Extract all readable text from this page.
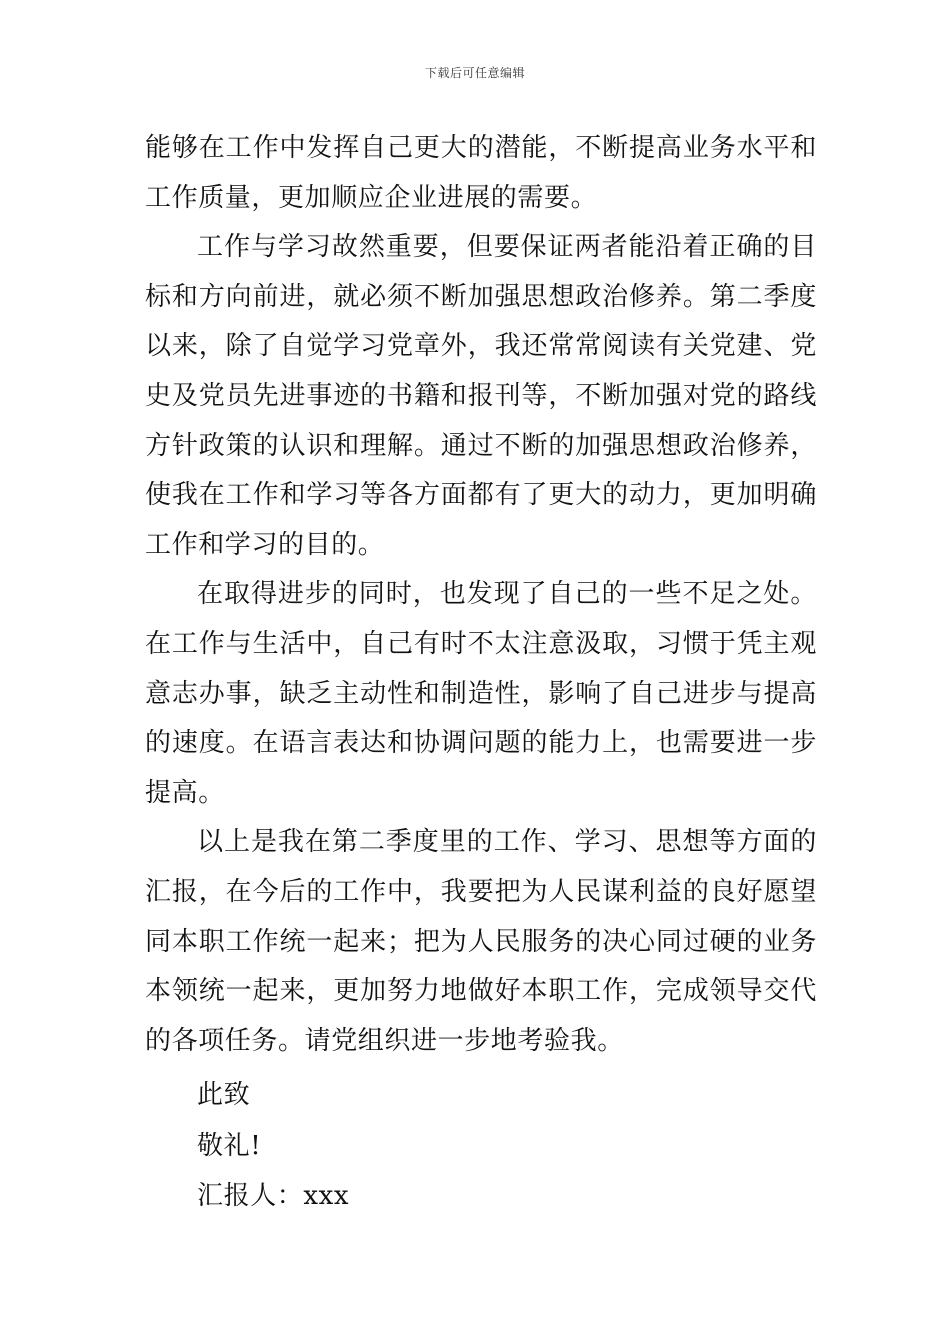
下载后可任意编辑

能够在工作中发挥自己更大的潜能，不断提高业务水平和工作质量，更加顺应企业进展的需要。

工作与学习故然重要，但要保证两者能沿着正确的目标和方向前进，就必须不断加强思想政治修养。第二季度以来，除了自觉学习党章外，我还常常阅读有关党建、党史及党员先进事迹的书籍和报刊等，不断加强对党的路线方针政策的认识和理解。通过不断的加强思想政治修养，使我在工作和学习等各方面都有了更大的动力，更加明确工作和学习的目的。

在取得进步的同时，也发现了自己的一些不足之处。在工作与生活中，自己有时不太注意汲取，习惯于凭主观意志办事，缺乏主动性和制造性，影响了自己进步与提高的速度。在语言表达和协调问题的能力上，也需要进一步提高。

以上是我在第二季度里的工作、学习、思想等方面的汇报，在今后的工作中，我要把为人民谋利益的良好愿望同本职工作统一起来；把为人民服务的决心同过硬的业务本领统一起来，更加努力地做好本职工作，完成领导交代的各项任务。请党组织进一步地考验我。

此致
敬礼!
汇报人：xxx
